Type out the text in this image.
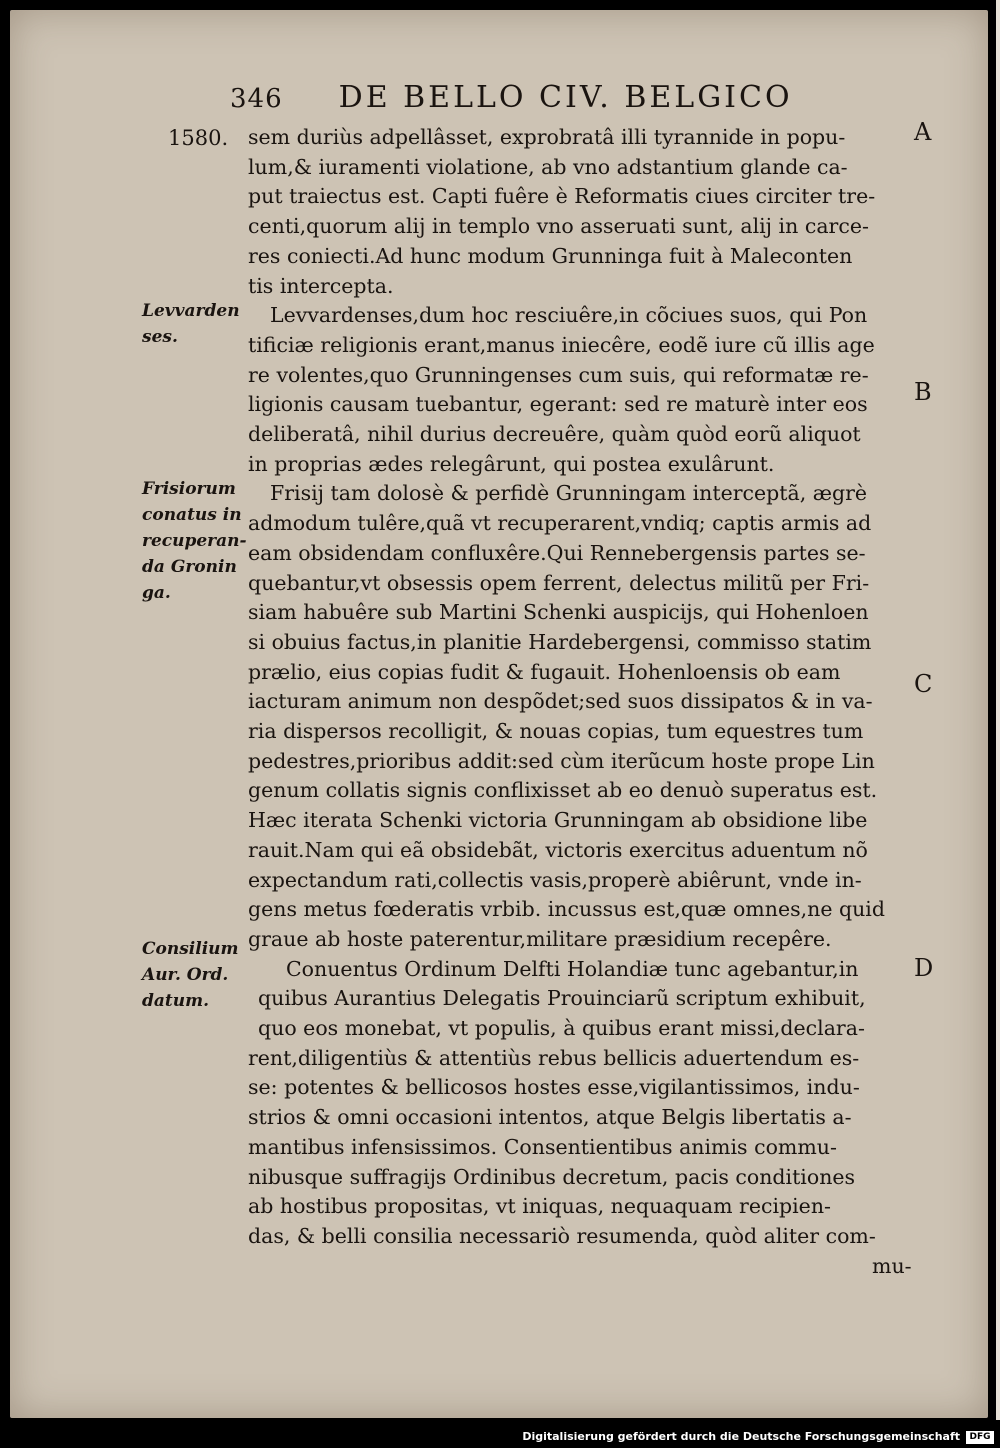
346 DE BELLO CIV. BELGICO
1580.
Levvarden
ses.
Frisiorum
conatus in
recuperan-
da Gronin
ga.
Consilium
Aur. Ord.
datum.
A
B
C
D
sem duriùs adpellâsset, exprobratâ illi tyrannide in popu-
lum,& iuramenti violatione, ab vno adstantium glande ca-
put traiectus est. Capti fuêre è Reformatis ciues circiter tre-
centi,quorum alij in templo vno asseruati sunt, alij in carce-
res coniecti.Ad hunc modum Grunninga fuit à Maleconten
tis intercepta.
Levvardenses,dum hoc resciuêre,in cõciues suos, qui Pon
tificiæ religionis erant,manus iniecêre, eodẽ iure cũ illis age
re volentes,quo Grunningenses cum suis, qui reformatæ re-
ligionis causam tuebantur, egerant: sed re maturè inter eos
deliberatâ, nihil durius decreuêre, quàm quòd eorũ aliquot
in proprias ædes relegârunt, qui postea exulârunt.
Frisij tam dolosè & perfidè Grunningam interceptã, ægrè
admodum tulêre,quã vt recuperarent,vndiq; captis armis ad
eam obsidendam confluxêre.Qui Rennebergensis partes se-
quebantur,vt obsessis opem ferrent, delectus militũ per Fri-
siam habuêre sub Martini Schenki auspicijs, qui Hohenloen
si obuius factus,in planitie Hardebergensi, commisso statim
prælio, eius copias fudit & fugauit. Hohenloensis ob eam
iacturam animum non despõdet;sed suos dissipatos & in va-
ria dispersos recolligit, & nouas copias, tum equestres tum
pedestres,prioribus addit:sed cùm iterũcum hoste prope Lin
genum collatis signis conflixisset ab eo denuò superatus est.
Hæc iterata Schenki victoria Grunningam ab obsidione libe
rauit.Nam qui eã obsidebãt, victoris exercitus aduentum nõ
expectandum rati,collectis vasis,properè abiêrunt, vnde in-
gens metus fœderatis vrbib. incussus est,quæ omnes,ne quid
graue ab hoste paterentur,militare præsidium recepêre.
Conuentus Ordinum Delfti Holandiæ tunc agebantur,in
quibus Aurantius Delegatis Prouinciarũ scriptum exhibuit,
quo eos monebat, vt populis, à quibus erant missi,declara-
rent,diligentiùs & attentiùs rebus bellicis aduertendum es-
se: potentes & bellicosos hostes esse,vigilantissimos, indu-
strios & omni occasioni intentos, atque Belgis libertatis a-
mantibus infensissimos. Consentientibus animis commu-
nibusque suffragijs Ordinibus decretum, pacis conditiones
ab hostibus propositas, vt iniquas, nequaquam recipien-
das, & belli consilia necessariò resumenda, quòd aliter com-
mu-
Digitalisierung gefördert durch die Deutsche Forschungsgemeinschaft	DFG
